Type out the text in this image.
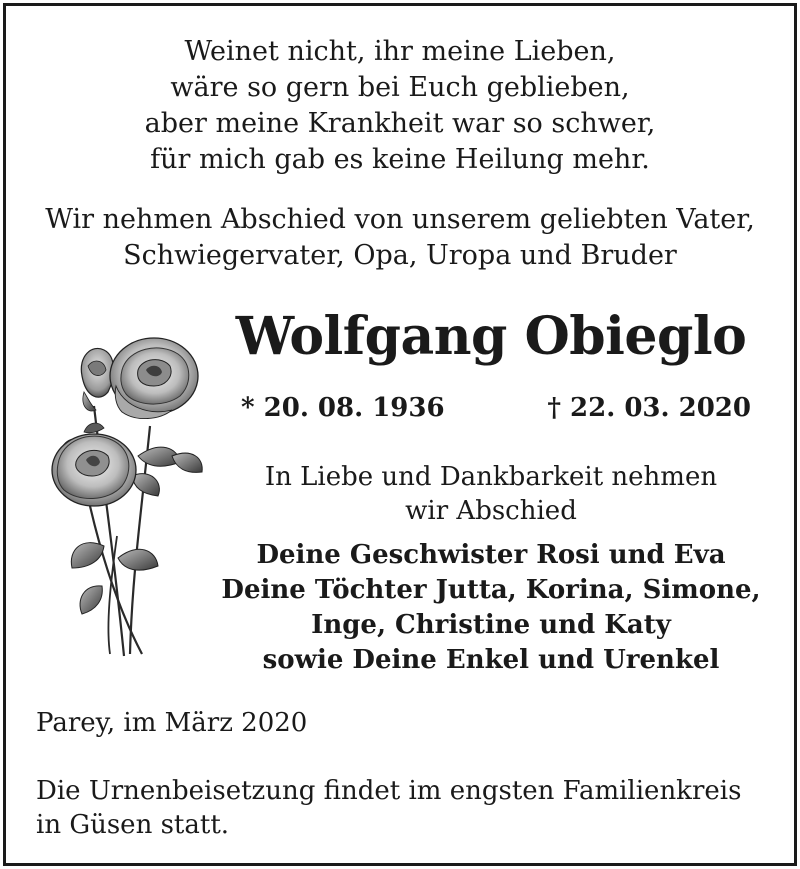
Weinet nicht, ihr meine Lieben,
wäre so gern bei Euch geblieben,
aber meine Krankheit war so schwer,
für mich gab es keine Heilung mehr.
Wir nehmen Abschied von unserem geliebten Vater,
Schwiegervater, Opa, Uropa und Bruder
Wolfgang Obieglo
* 20. 08. 1936	† 22. 03. 2020
In Liebe und Dankbarkeit nehmen
wir Abschied
Deine Geschwister Rosi und Eva
Deine Töchter Jutta, Korina, Simone,
Inge, Christine und Katy
sowie Deine Enkel und Urenkel
Parey, im März 2020
Die Urnenbeisetzung findet im engsten Familienkreis
in Güsen statt.
